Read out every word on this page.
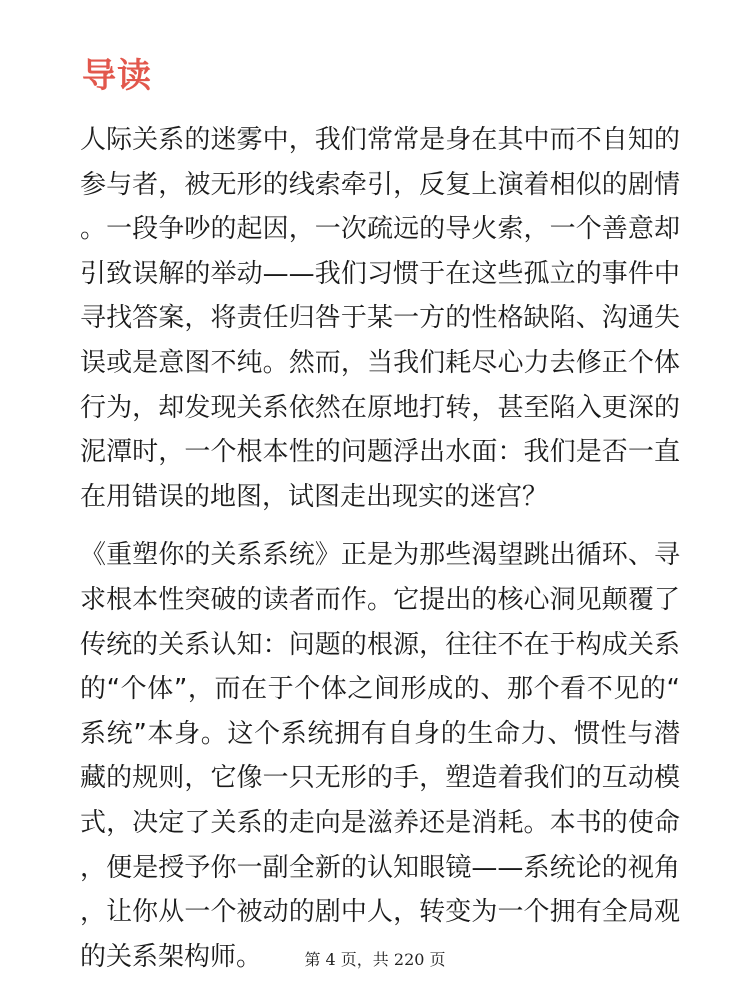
导读

人际关系的迷雾中，我们常常是身在其中而不自知的参与者，被无形的线索牵引，反复上演着相似的剧情。一段争吵的起因，一次疏远的导火索，一个善意却引致误解的举动——我们习惯于在这些孤立的事件中寻找答案，将责任归咎于某一方的性格缺陷、沟通失误或是意图不纯。然而，当我们耗尽心力去修正个体行为，却发现关系依然在原地打转，甚至陷入更深的泥潭时，一个根本性的问题浮出水面：我们是否一直在用错误的地图，试图走出现实的迷宫？

《重塑你的关系系统》正是为那些渴望跳出循环、寻求根本性突破的读者而作。它提出的核心洞见颠覆了传统的关系认知：问题的根源，往往不在于构成关系的“个体”，而在于个体之间形成的、那个看不见的“系统”本身。这个系统拥有自身的生命力、惯性与潜藏的规则，它像一只无形的手，塑造着我们的互动模式，决定了关系的走向是滋养还是消耗。本书的使命，便是授予你一副全新的认知眼镜——系统论的视角，让你从一个被动的剧中人，转变为一个拥有全局观的关系架构师。	第 4 页，共 220 页
